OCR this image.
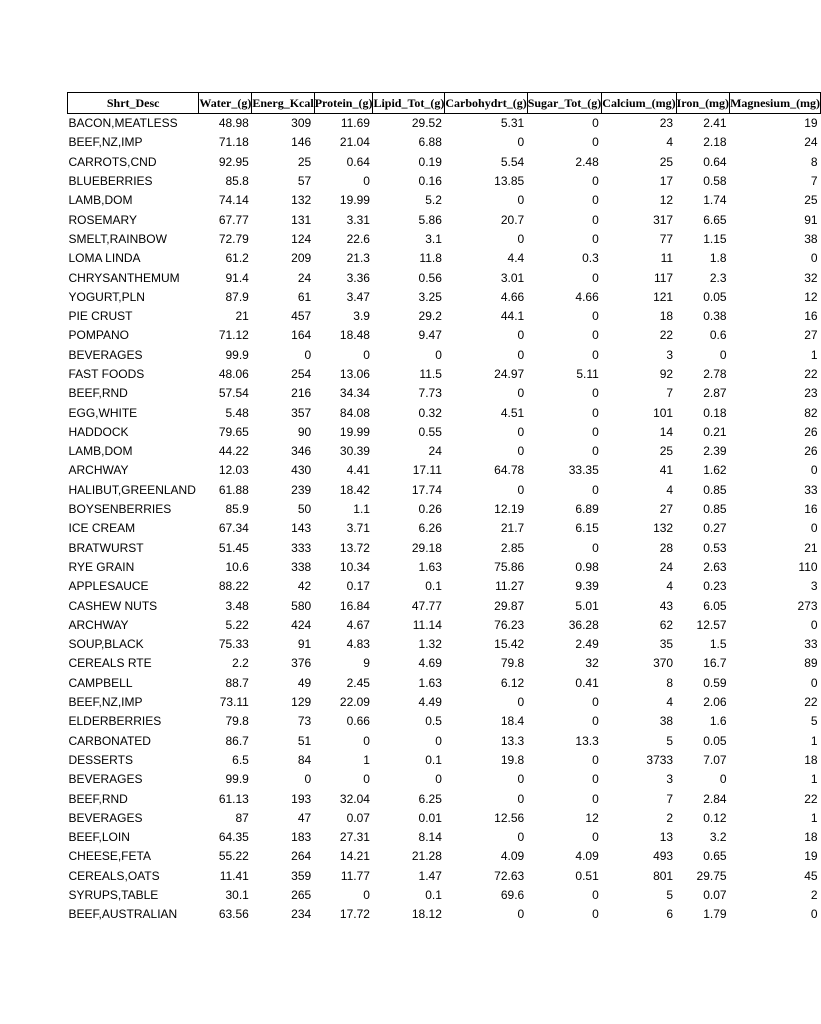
Shrt_Desc	Water_(g)	Energ_Kcal	Protein_(g)	Lipid_Tot_(g)	Carbohydrt_(g)	Sugar_Tot_(g)	Calcium_(mg)	Iron_(mg)	Magnesium_(mg)
BACON,MEATLESS	48.98	309	11.69	29.52	5.31	0	23	2.41	19
BEEF,NZ,IMP	71.18	146	21.04	6.88	0	0	4	2.18	24
CARROTS,CND	92.95	25	0.64	0.19	5.54	2.48	25	0.64	8
BLUEBERRIES	85.8	57	0	0.16	13.85	0	17	0.58	7
LAMB,DOM	74.14	132	19.99	5.2	0	0	12	1.74	25
ROSEMARY	67.77	131	3.31	5.86	20.7	0	317	6.65	91
SMELT,RAINBOW	72.79	124	22.6	3.1	0	0	77	1.15	38
LOMA LINDA	61.2	209	21.3	11.8	4.4	0.3	11	1.8	0
CHRYSANTHEMUM	91.4	24	3.36	0.56	3.01	0	117	2.3	32
YOGURT,PLN	87.9	61	3.47	3.25	4.66	4.66	121	0.05	12
PIE CRUST	21	457	3.9	29.2	44.1	0	18	0.38	16
POMPANO	71.12	164	18.48	9.47	0	0	22	0.6	27
BEVERAGES	99.9	0	0	0	0	0	3	0	1
FAST FOODS	48.06	254	13.06	11.5	24.97	5.11	92	2.78	22
BEEF,RND	57.54	216	34.34	7.73	0	0	7	2.87	23
EGG,WHITE	5.48	357	84.08	0.32	4.51	0	101	0.18	82
HADDOCK	79.65	90	19.99	0.55	0	0	14	0.21	26
LAMB,DOM	44.22	346	30.39	24	0	0	25	2.39	26
ARCHWAY	12.03	430	4.41	17.11	64.78	33.35	41	1.62	0
HALIBUT,GREENLAND	61.88	239	18.42	17.74	0	0	4	0.85	33
BOYSENBERRIES	85.9	50	1.1	0.26	12.19	6.89	27	0.85	16
ICE CREAM	67.34	143	3.71	6.26	21.7	6.15	132	0.27	0
BRATWURST	51.45	333	13.72	29.18	2.85	0	28	0.53	21
RYE GRAIN	10.6	338	10.34	1.63	75.86	0.98	24	2.63	110
APPLESAUCE	88.22	42	0.17	0.1	11.27	9.39	4	0.23	3
CASHEW NUTS	3.48	580	16.84	47.77	29.87	5.01	43	6.05	273
ARCHWAY	5.22	424	4.67	11.14	76.23	36.28	62	12.57	0
SOUP,BLACK	75.33	91	4.83	1.32	15.42	2.49	35	1.5	33
CEREALS RTE	2.2	376	9	4.69	79.8	32	370	16.7	89
CAMPBELL	88.7	49	2.45	1.63	6.12	0.41	8	0.59	0
BEEF,NZ,IMP	73.11	129	22.09	4.49	0	0	4	2.06	22
ELDERBERRIES	79.8	73	0.66	0.5	18.4	0	38	1.6	5
CARBONATED	86.7	51	0	0	13.3	13.3	5	0.05	1
DESSERTS	6.5	84	1	0.1	19.8	0	3733	7.07	18
BEVERAGES	99.9	0	0	0	0	0	3	0	1
BEEF,RND	61.13	193	32.04	6.25	0	0	7	2.84	22
BEVERAGES	87	47	0.07	0.01	12.56	12	2	0.12	1
BEEF,LOIN	64.35	183	27.31	8.14	0	0	13	3.2	18
CHEESE,FETA	55.22	264	14.21	21.28	4.09	4.09	493	0.65	19
CEREALS,OATS	11.41	359	11.77	1.47	72.63	0.51	801	29.75	45
SYRUPS,TABLE	30.1	265	0	0.1	69.6	0	5	0.07	2
BEEF,AUSTRALIAN	63.56	234	17.72	18.12	0	0	6	1.79	0
